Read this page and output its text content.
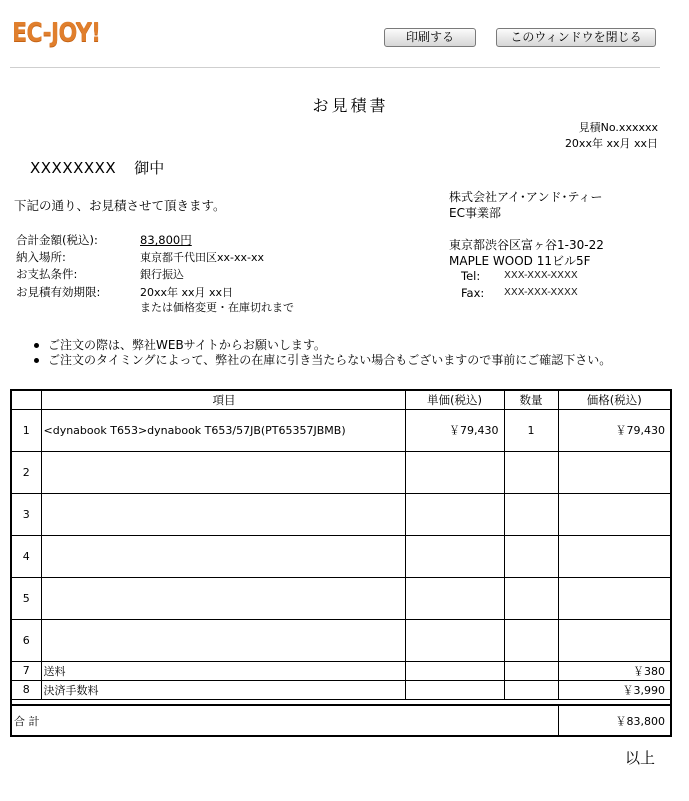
EC-JOY!	印刷する	このウィンドウを閉じる
お見積書
見積No.xxxxxx
20xx年 xx月 xx日
XXXXXXXX 御中
下記の通り、お見積させて頂きます。
株式会社アイ･アンド･ティー
EC事業部
東京都渋谷区富ヶ谷1-30-22
MAPLE WOOD 11ビル5F
Tel: XXX-XXX-XXXX
Fax: XXX-XXX-XXXX
合計金額(税込):	83,800円
納入場所:	東京都千代田区xx-xx-xx
お支払条件:	銀行振込
お見積有効期限:	20xx年 xx月 xx日
または価格変更・在庫切れまで
ご注文の際は、弊社WEBサイトからお願いします。
ご注文のタイミングによって、弊社の在庫に引き当たらない場合もございますので事前にご確認下さい。
	項目	単価(税込)	数量	価格(税込)
1	<dynabook T653>dynabook T653/57JB(PT65357JBMB)	￥79,430	1	￥79,430
2				
3				
4				
5				
6				
7	送料			￥380
8	決済手数料			￥3,990

合 計				￥83,800
以上
